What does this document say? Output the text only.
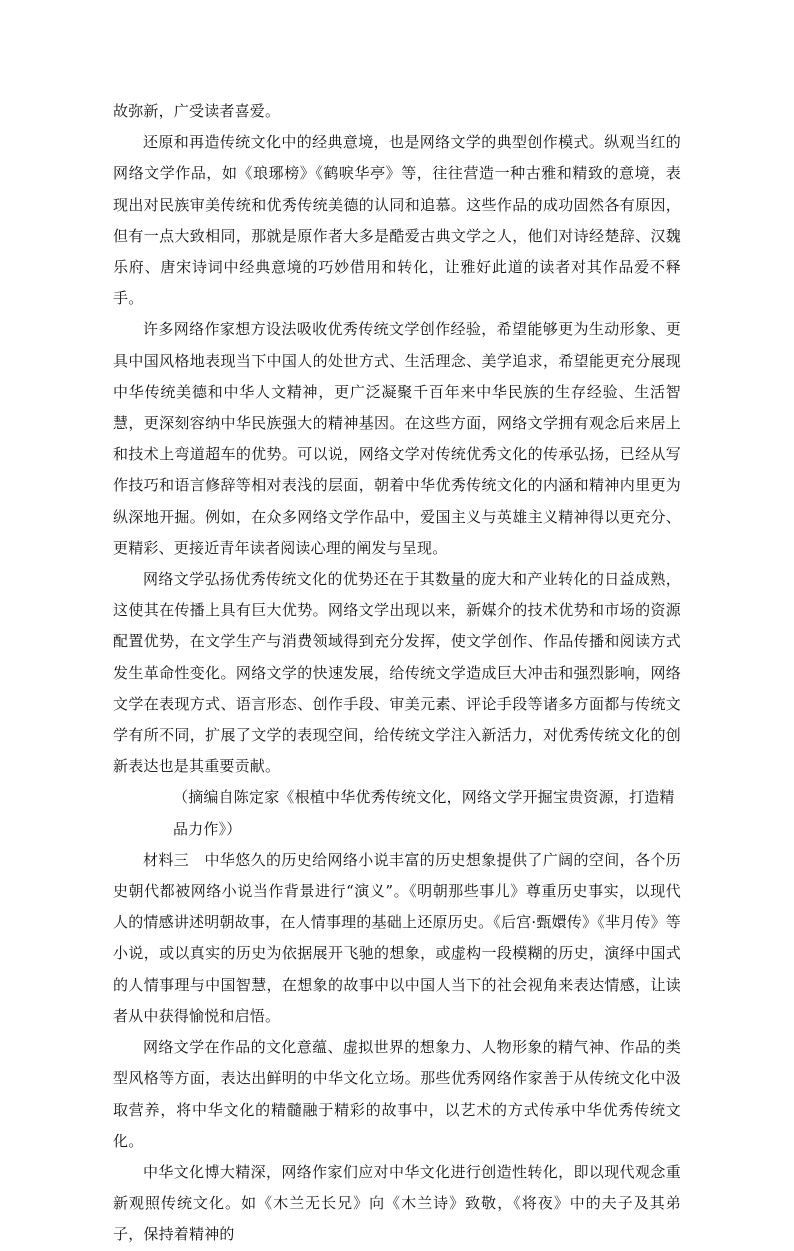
故弥新，广受读者喜爱。

还原和再造传统文化中的经典意境，也是网络文学的典型创作模式。纵观当红的网络文学作品，如《琅琊榜》《鹤唳华亭》等，往往营造一种古雅和精致的意境，表现出对民族审美传统和优秀传统美德的认同和追慕。这些作品的成功固然各有原因，但有一点大致相同，那就是原作者大多是酷爱古典文学之人，他们对诗经楚辞、汉魏乐府、唐宋诗词中经典意境的巧妙借用和转化，让雅好此道的读者对其作品爱不释手。

许多网络作家想方设法吸收优秀传统文学创作经验，希望能够更为生动形象、更具中国风格地表现当下中国人的处世方式、生活理念、美学追求，希望能更充分展现中华传统美德和中华人文精神，更广泛凝聚千百年来中华民族的生存经验、生活智慧，更深刻容纳中华民族强大的精神基因。在这些方面，网络文学拥有观念后来居上和技术上弯道超车的优势。可以说，网络文学对传统优秀文化的传承弘扬，已经从写作技巧和语言修辞等相对表浅的层面，朝着中华优秀传统文化的内涵和精神内里更为纵深地开掘。例如，在众多网络文学作品中，爱国主义与英雄主义精神得以更充分、更精彩、更接近青年读者阅读心理的阐发与呈现。

网络文学弘扬优秀传统文化的优势还在于其数量的庞大和产业转化的日益成熟，这使其在传播上具有巨大优势。网络文学出现以来，新媒介的技术优势和市场的资源配置优势，在文学生产与消费领域得到充分发挥，使文学创作、作品传播和阅读方式发生革命性变化。网络文学的快速发展，给传统文学造成巨大冲击和强烈影响，网络文学在表现方式、语言形态、创作手段、审美元素、评论手段等诸多方面都与传统文学有所不同，扩展了文学的表现空间，给传统文学注入新活力，对优秀传统文化的创新表达也是其重要贡献。

（摘编自陈定家《根植中华优秀传统文化，网络文学开掘宝贵资源，打造精品力作》）

材料三　中华悠久的历史给网络小说丰富的历史想象提供了广阔的空间，各个历史朝代都被网络小说当作背景进行“演义”。《明朝那些事儿》尊重历史事实，以现代人的情感讲述明朝故事，在人情事理的基础上还原历史。《后宫·甄嬛传》《芈月传》等小说，或以真实的历史为依据展开飞驰的想象，或虚构一段模糊的历史，演绎中国式的人情事理与中国智慧，在想象的故事中以中国人当下的社会视角来表达情感，让读者从中获得愉悦和启悟。

网络文学在作品的文化意蕴、虚拟世界的想象力、人物形象的精气神、作品的类型风格等方面，表达出鲜明的中华文化立场。那些优秀网络作家善于从传统文化中汲取营养，将中华文化的精髓融于精彩的故事中，以艺术的方式传承中华优秀传统文化。

中华文化博大精深，网络作家们应对中华文化进行创造性转化，即以现代观念重新观照传统文化。如《木兰无长兄》向《木兰诗》致敬，《将夜》中的夫子及其弟子，保持着精神的
